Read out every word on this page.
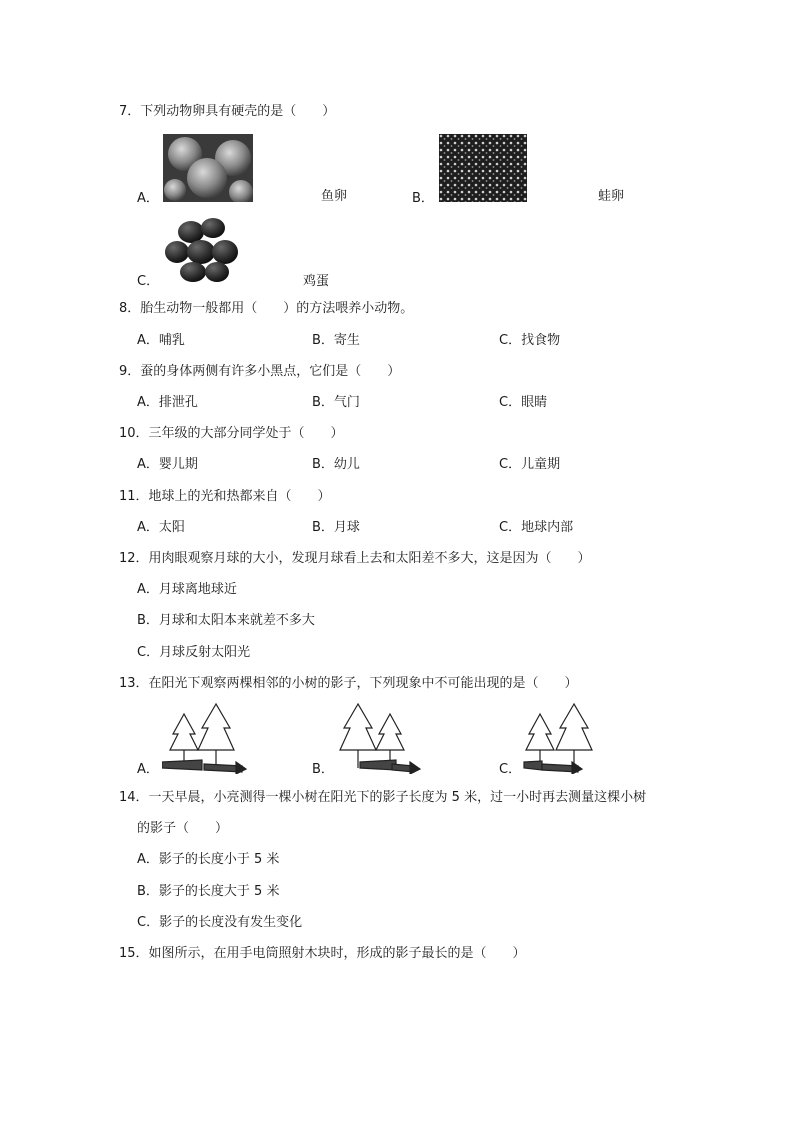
7．下列动物卵具有硬壳的是（　　）
A．	鱼卵	B．	蛙卵
C．	鸡蛋
8．胎生动物一般都用（　　）的方法喂养小动物。
A．哺乳	B．寄生	C．找食物
9．蚕的身体两侧有许多小黑点，它们是（　　）
A．排泄孔	B．气门	C．眼睛
10．三年级的大部分同学处于（　　）
A．婴儿期	B．幼儿	C．儿童期
11．地球上的光和热都来自（　　）
A．太阳	B．月球	C．地球内部
12．用肉眼观察月球的大小，发现月球看上去和太阳差不多大，这是因为（　　）
A．月球离地球近
B．月球和太阳本来就差不多大
C．月球反射太阳光
13．在阳光下观察两棵相邻的小树的影子，下列现象中不可能出现的是（　　）
A．	B．	C．
14．一天早晨，小亮测得一棵小树在阳光下的影子长度为 5 米，过一小时再去测量这棵小树
的影子（　　）
A．影子的长度小于 5 米
B．影子的长度大于 5 米
C．影子的长度没有发生变化
15．如图所示，在用手电筒照射木块时，形成的影子最长的是（　　）
